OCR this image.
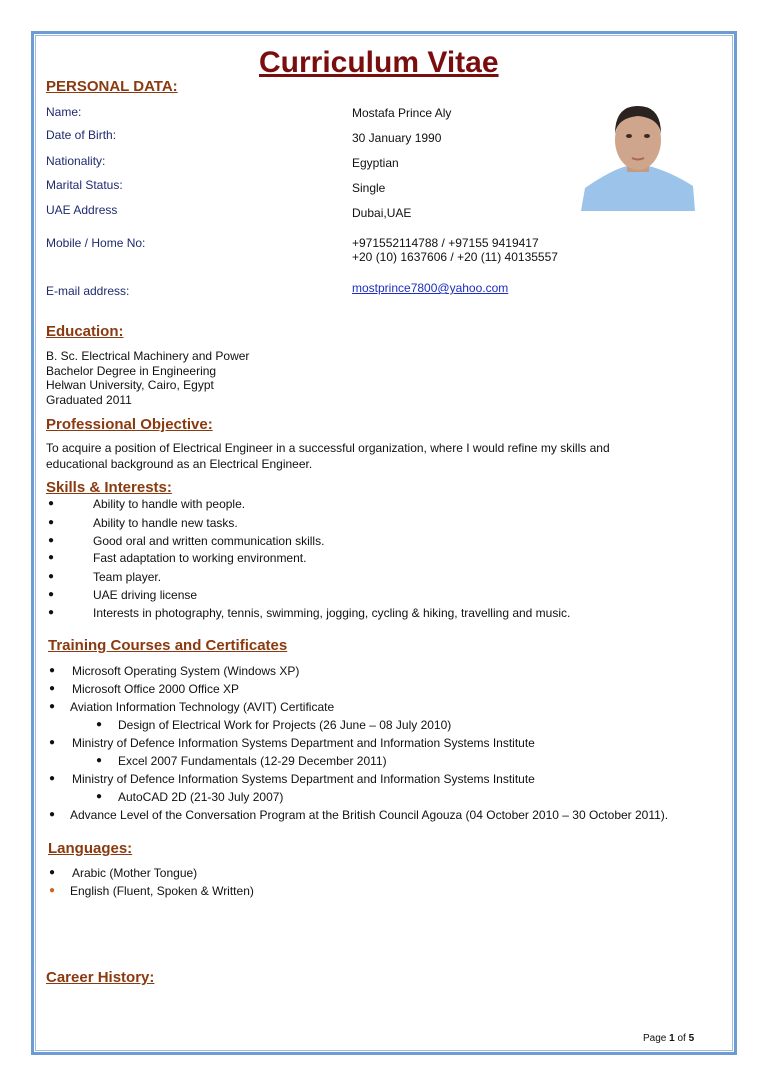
Curriculum Vitae
PERSONAL DATA:
Name:	Mostafa Prince Aly
Date of Birth:	30 January 1990
Nationality:	Egyptian
Marital Status:	Single
UAE Address	Dubai,UAE
Mobile / Home No:	+971552114788 / +97155 9419417
+20 (10) 1637606 / +20 (11) 40135557
E-mail address:	mostprince7800@yahoo.com
Education:
B. Sc. Electrical Machinery and Power
Bachelor Degree in Engineering
Helwan University, Cairo, Egypt
Graduated 2011
Professional Objective:
To acquire a position of Electrical Engineer in a successful organization, where I would refine my skills and
educational background as an Electrical Engineer.
Skills & Interests:
●	Ability to handle with people.
●	Ability to handle new tasks.
●	Good oral and written communication skills.
●	Fast adaptation to working environment.
●	Team player.
●	UAE driving license
●	Interests in photography, tennis, swimming, jogging, cycling & hiking, travelling and music.
Training Courses and Certificates
● Microsoft Operating System (Windows XP)
● Microsoft Office 2000 Office XP
● Aviation Information Technology (AVIT) Certificate
● Design of Electrical Work for Projects (26 June – 08 July 2010)
● Ministry of Defence Information Systems Department and Information Systems Institute
● Excel 2007 Fundamentals (12-29 December 2011)
● Ministry of Defence Information Systems Department and Information Systems Institute
● AutoCAD 2D (21-30 July 2007)
● Advance Level of the Conversation Program at the British Council Agouza (04 October 2010 – 30 October 2011).
Languages:
● Arabic (Mother Tongue)
● English (Fluent, Spoken & Written)
Career History:
Page 1 of 5
